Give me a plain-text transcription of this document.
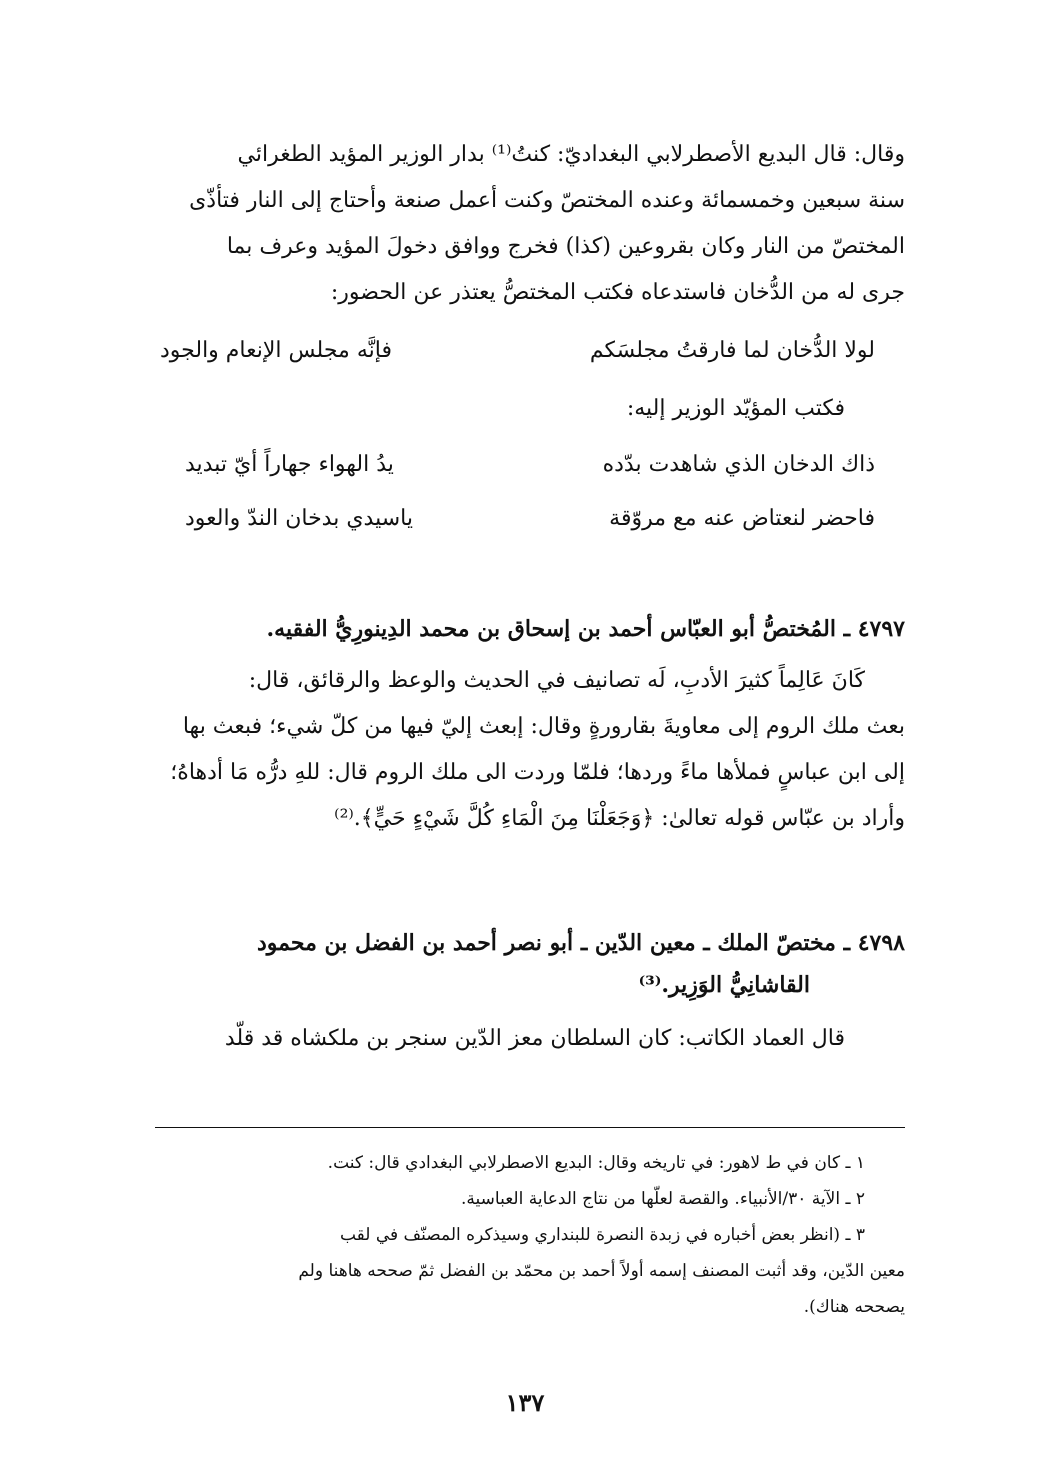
وقال: قال البديع الأصطرلابي البغداديّ: كنتُ⁽¹⁾ بدار الوزير المؤيد الطغرائي
سنة سبعين وخمسمائة وعنده المختصّ وكنت أعمل صنعة وأحتاج إلى النار فتأذّى
المختصّ من النار وكان بقروعين (كذا) فخرج ووافق دخولَ المؤيد وعرف بما
جرى له من الدُّخان فاستدعاه فكتب المختصُّ يعتذر عن الحضور:
لولا الدُّخان لما فارقتُ مجلسَكم
فإنَّه مجلس الإنعام والجود
فكتب المؤيّد الوزير إليه:
ذاك الدخان الذي شاهدت بدّده
يدُ الهواء جهاراً أيّ تبديد
فاحضر لنعتاض عنه مع مروّقة
ياسيدي بدخان الندّ والعود
٤٧٩٧ ـ المُختصُّ أبو العبّاس أحمد بن إسحاق بن محمد الدِينورِيُّ الفقيه.
كَانَ عَالِماً كثيرَ الأدبِ، لَه تصانيف في الحديث والوعظ والرقائق، قال:
بعث ملك الروم إلى معاويةَ بقارورةٍ وقال: إبعث إليّ فيها من كلّ شيء؛ فبعث بها
إلى ابن عباسٍ فملأها ماءً وردها؛ فلمّا وردت الى ملك الروم قال: للهِ درُّه مَا أدهاهُ؛
وأراد بن عبّاس قوله تعالىٰ: ﴿وَجَعَلْنَا مِنَ الْمَاءِ كُلَّ شَيْءٍ حَيٍّ﴾.⁽²⁾
٤٧٩٨ ـ مختصّ الملك ـ معين الدّين ـ أبو نصر أحمد بن الفضل بن محمود
القاشانِيُّ الوَزِير.⁽³⁾
قال العماد الكاتب: كان السلطان معز الدّين سنجر بن ملكشاه قد قلّد
١ ـ كان في ط لاهور: في تاريخه وقال: البديع الاصطرلابي البغدادي قال: كنت.
٢ ـ الآية ٣٠/الأنبياء. والقصة لعلّها من نتاج الدعاية العباسية.
٣ ـ (انظر بعض أخباره في زبدة النصرة للبنداري وسيذكره المصنّف في لقب
معين الدّين، وقد أثبت المصنف إسمه أولاً أحمد بن محمّد بن الفضل ثمّ صححه هاهنا ولم
يصححه هناك).
١٣٧
